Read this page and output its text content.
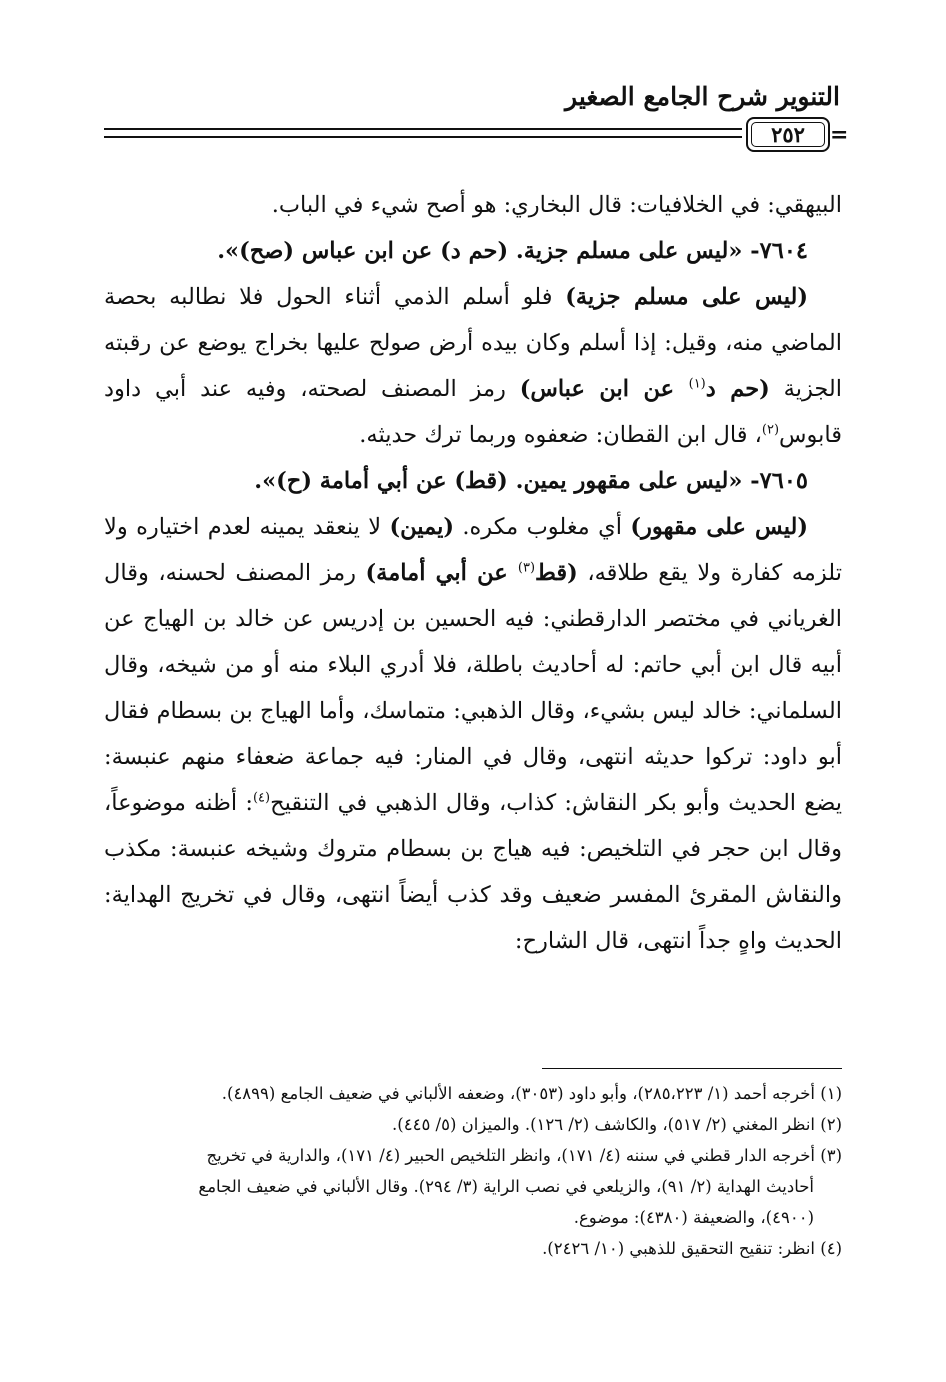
التنوير شرح الجامع الصغير
٢٥٢	=

البيهقي: في الخلافيات: قال البخاري: هو أصح شيء في الباب.

٧٦٠٤- «ليس على مسلم جزية. (حم د) عن ابن عباس (صح)».

(ليس على مسلم جزية) فلو أسلم الذمي أثناء الحول فلا نطالبه بحصة الماضي منه، وقيل: إذا أسلم وكان بيده أرض صولح عليها بخراج يوضع عن رقبته الجزية (حم د$^{(١)}$ عن ابن عباس) رمز المصنف لصحته، وفيه عند أبي داود قابوس$^{(٢)}$، قال ابن القطان: ضعفوه وربما ترك حديثه.

٧٦٠٥- «ليس على مقهور يمين. (قط) عن أبي أمامة (ح)».

(ليس على مقهور) أي مغلوب مكره. (يمين) لا ينعقد يمينه لعدم اختياره ولا تلزمه كفارة ولا يقع طلاقه، (قط$^{(٣)}$ عن أبي أمامة) رمز المصنف لحسنه، وقال الغرياني في مختصر الدارقطني: فيه الحسين بن إدريس عن خالد بن الهياج عن أبيه قال ابن أبي حاتم: له أحاديث باطلة، فلا أدري البلاء منه أو من شيخه، وقال السلماني: خالد ليس بشيء، وقال الذهبي: متماسك، وأما الهياج بن بسطام فقال أبو داود: تركوا حديثه انتهى، وقال في المنار: فيه جماعة ضعفاء منهم عنبسة: يضع الحديث وأبو بكر النقاش: كذاب، وقال الذهبي في التنقيح$^{(٤)}$: أظنه موضوعاً، وقال ابن حجر في التلخيص: فيه هياج بن بسطام متروك وشيخه عنبسة: مكذب والنقاش المقرئ المفسر ضعيف وقد كذب أيضاً انتهى، وقال في تخريج الهداية: الحديث واهٍ جداً انتهى، قال الشارح:

(١) أخرجه أحمد (١/ ٢٨٥،٢٢٣)، وأبو داود (٣٠٥٣)، وضعفه الألباني في ضعيف الجامع (٤٨٩٩).

(٢) انظر المغني (٢/ ٥١٧)، والكاشف (٢/ ١٢٦). والميزان (٥/ ٤٤٥).

(٣) أخرجه الدار قطني في سننه (٤/ ١٧١)، وانظر التلخيص الحبير (٤/ ١٧١)، والدارية في تخريج

أحاديث الهداية (٢/ ٩١)، والزيلعي في نصب الراية (٣/ ٢٩٤). وقال الألباني في ضعيف الجامع

(٤٩٠٠)، والضعيفة (٤٣٨٠): موضوع.

(٤) انظر: تنقيح التحقيق للذهبي (١٠/ ٢٤٢٦).
